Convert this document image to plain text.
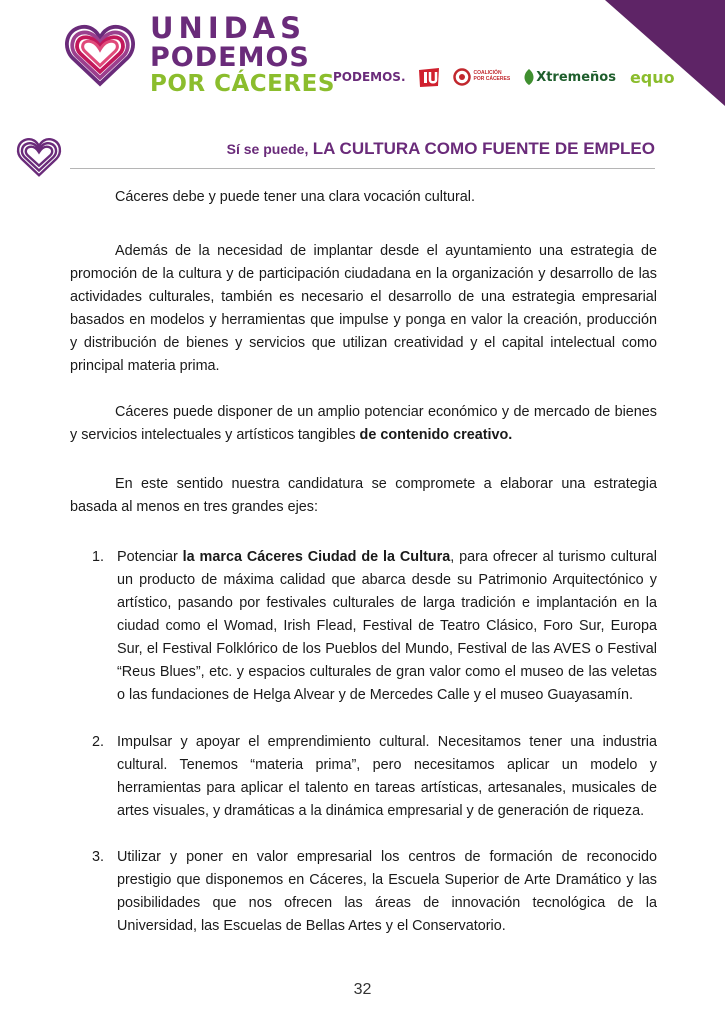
UNIDAS
PODEMOS
POR CÁCERES
PODEMOS.	COALICIÓN
POR CÁCERES Xtremeños equo
Sí se puede, LA CULTURA COMO FUENTE DE EMPLEO

Cáceres debe y puede tener una clara vocación cultural.

Además de la necesidad de implantar desde el ayuntamiento una estrategia de promoción de la cultura y de participación ciudadana en la organización y desarrollo de las actividades culturales, también es necesario el desarrollo de una estrategia empresarial basados en modelos y herramientas que impulse y ponga en valor la creación, producción y distribución de bienes y servicios que utilizan creatividad y el capital intelectual como principal materia prima.

Cáceres puede disponer de un amplio potenciar económico y de mercado de bienes y servicios intelectuales y artísticos tangibles de contenido creativo.

En este sentido nuestra candidatura se compromete a elaborar una estrategia basada al menos en tres grandes ejes:

1. Potenciar la marca Cáceres Ciudad de la Cultura, para ofrecer al turismo cultural un producto de máxima calidad que abarca desde su Patrimonio Arquitectónico y artístico, pasando por festivales culturales de larga tradición e implantación en la ciudad como el Womad, Irish Flead, Festival de Teatro Clásico, Foro Sur, Europa Sur, el Festival Folklórico de los Pueblos del Mundo, Festival de las AVES o Festival “Reus Blues”, etc. y espacios culturales de gran valor como el museo de las veletas o las fundaciones de Helga Alvear y de Mercedes Calle y el museo Guayasamín.
2. Impulsar y apoyar el emprendimiento cultural. Necesitamos tener una industria cultural. Tenemos “materia prima”, pero necesitamos aplicar un modelo y herramientas para aplicar el talento en tareas artísticas, artesanales, musicales de artes visuales, y dramáticas a la dinámica empresarial y de generación de riqueza.
3. Utilizar y poner en valor empresarial los centros de formación de reconocido prestigio que disponemos en Cáceres, la Escuela Superior de Arte Dramático y las posibilidades que nos ofrecen las áreas de innovación tecnológica de la Universidad, las Escuelas de Bellas Artes y el Conservatorio.
32
